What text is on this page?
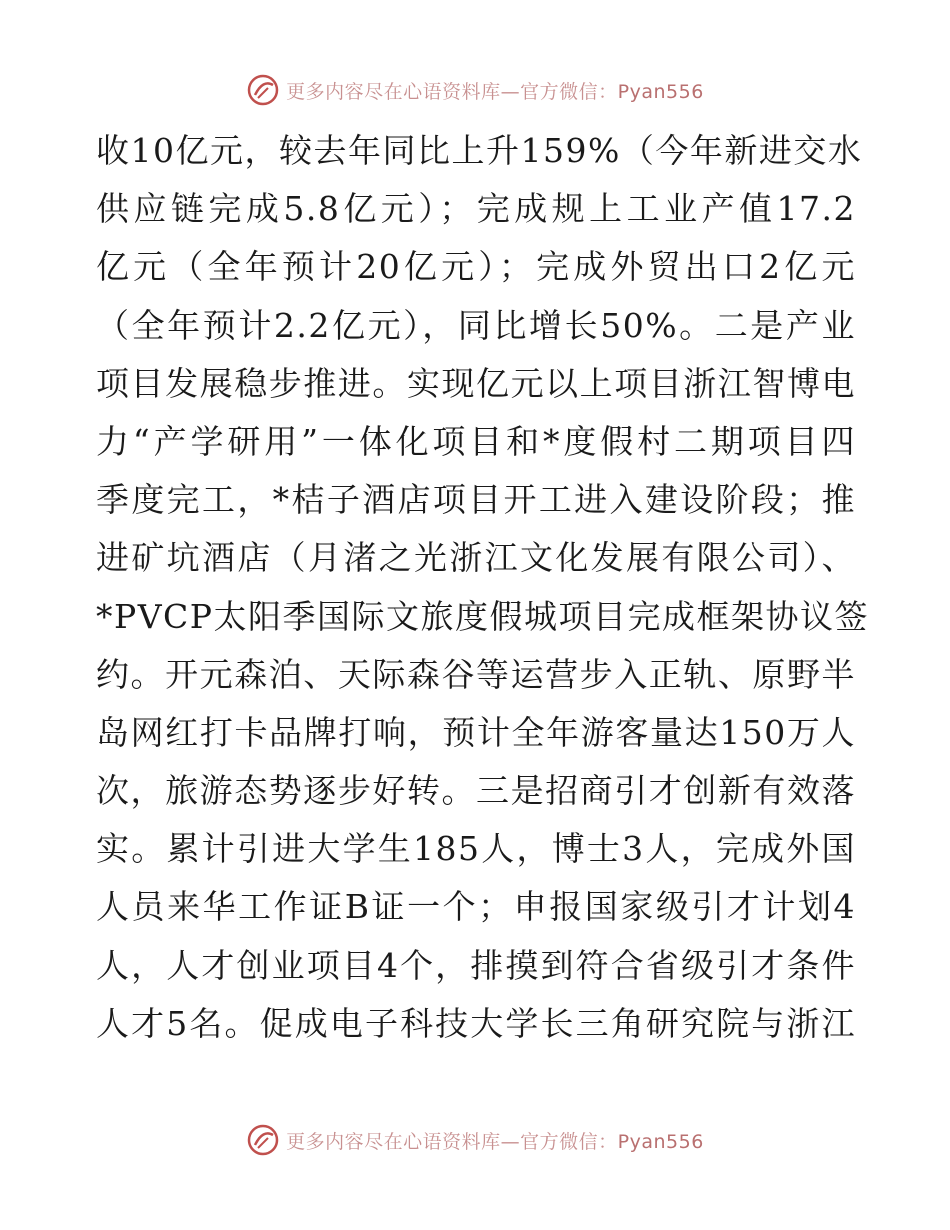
更多内容尽在心语资料库—官方微信：Pyan556
收10亿元，较去年同比上升159%（今年新进交水
供应链完成5.8亿元）；完成规上工业产值17.2
亿元（全年预计20亿元）；完成外贸出口2亿元
（全年预计2.2亿元），同比增长50%。二是产业
项目发展稳步推进。实现亿元以上项目浙江智博电
力“产学研用”一体化项目和*度假村二期项目四
季度完工，*桔子酒店项目开工进入建设阶段；推
进矿坑酒店（月渚之光浙江文化发展有限公司）、
*PVCP太阳季国际文旅度假城项目完成框架协议签
约。开元森泊、天际森谷等运营步入正轨、原野半
岛网红打卡品牌打响，预计全年游客量达150万人
次，旅游态势逐步好转。三是招商引才创新有效落
实。累计引进大学生185人，博士3人，完成外国
人员来华工作证B证一个；申报国家级引才计划4
人，人才创业项目4个，排摸到符合省级引才条件
人才5名。促成电子科技大学长三角研究院与浙江
更多内容尽在心语资料库—官方微信：Pyan556
